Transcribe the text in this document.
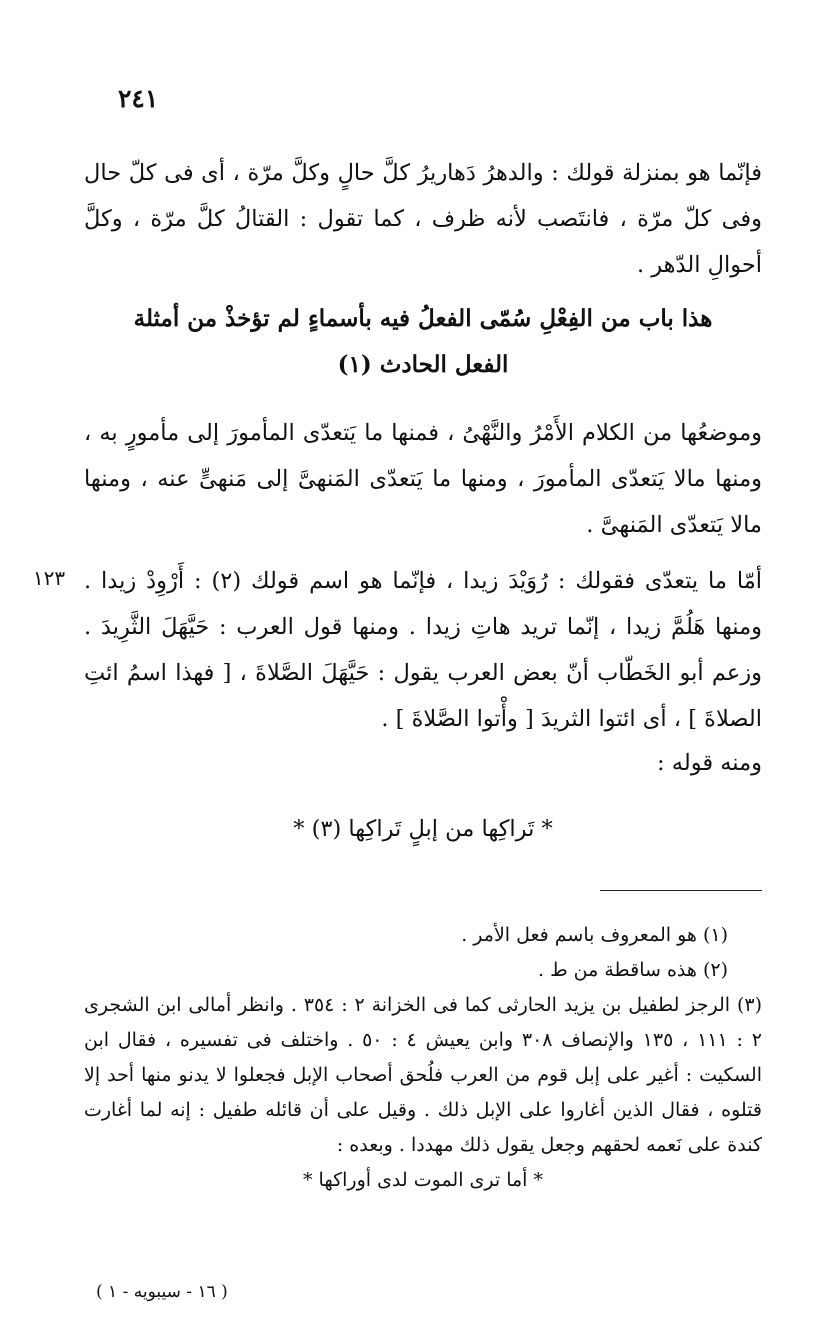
٢٤١

فإنّما هو بمنزلة قولك : والدهرُ دَهاريرُ كلَّ حالٍ وكلَّ مرّة ، أى فى كلّ حال وفى كلّ مرّة ، فانتَصب لأنه ظرف ، كما تقول : القتالُ كلَّ مرّة ، وكلَّ أحوالِ الدّهر .

هذا باب من الفِعْلِ سُمّى الفعلُ فيه بأسماءٍ لم تؤخذْ من أمثلة
الفعل الحادث (١)

وموضعُها من الكلام الأَمْرُ والنَّهْىُ ، فمنها ما يَتعدّى المأمورَ إلى مأمورٍ به ، ومنها مالا يَتعدّى المأمورَ ، ومنها ما يَتعدّى المَنهىَّ إلى مَنهىٍّ عنه ، ومنها مالا يَتعدّى المَنهىَّ .

١٢٣ أمّا ما يتعدّى فقولك : رُوَيْدَ زيدا ، فإنّما هو اسم قولك (٢) : أَرْوِدْ زيدا . ومنها هَلُمَّ زيدا ، إنّما تريد هاتِ زيدا . ومنها قول العرب : حَيَّهَلَ الثَّرِيدَ . وزعم أبو الخَطّاب أنّ بعض العرب يقول : حَيَّهَلَ الصَّلاةَ ، [ فهذا اسمُ ائتِ الصلاةَ ] ، أى ائتوا الثريدَ [ وأْتوا الصَّلاةَ ] .

ومنه قوله :

* تَراكِها من إبلٍ تَراكِها (٣) *

(١) هو المعروف باسم فعل الأمر .

(٢) هذه ساقطة من ط .

(٣) الرجز لطفيل بن يزيد الحارثى كما فى الخزانة ٢ : ٣٥٤ . وانظر أمالى ابن الشجرى ٢ : ١١١ ، ١٣٥ والإنصاف ٣٠٨ وابن يعيش ٤ : ٥٠ . واختلف فى تفسيره ، فقال ابن السكيت : أغير على إبل قوم من العرب فلُحق أصحاب الإبل فجعلوا لا يدنو منها أحد إلا قتلوه ، فقال الذين أغاروا على الإبل ذلك . وقيل على أن قائله طفيل : إنه لما أغارت كندة على نَعمه لحقهم وجعل يقول ذلك مهددا . وبعده :

* أما ترى الموت لدى أوراكها *

( ١٦ - سيبويه - ١ )
